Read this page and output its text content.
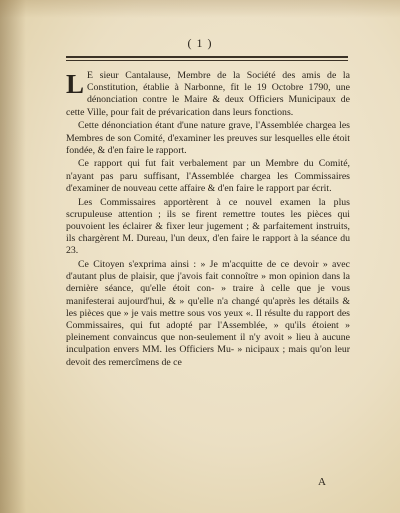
( 1 )

L E sieur Cantalause, Membre de la Société des amis de la Constitution, établie à Narbonne, fit le 19 Octobre 1790, une dénonciation contre le Maire & deux Officiers Municipaux de cette Ville, pour fait de prévarication dans leurs fonctions.

Cette dénonciation étant d'une nature grave, l'Assemblée chargea les Membres de son Comité, d'examiner les preuves sur lesquelles elle étoit fondée, & d'en faire le rapport.

Ce rapport qui fut fait verbalement par un Membre du Comité, n'ayant pas paru suffisant, l'Assemblée chargea les Commissaires d'examiner de nouveau cette affaire & d'en faire le rapport par écrit.

Les Commissaires apportèrent à ce nouvel examen la plus scrupuleuse attention ; ils se firent remettre toutes les pièces qui pouvoient les éclairer & fixer leur jugement ; & parfaitement instruits, ils chargèrent M. Dureau, l'un deux, d'en faire le rapport à la séance du 23.

Ce Citoyen s'exprima ainsi : » Je m'acquitte de ce devoir » avec d'autant plus de plaisir, que j'avois fait connoître » mon opinion dans la dernière séance, qu'elle étoit con- » traire à celle que je vous manifesterai aujourd'hui, & » qu'elle n'a changé qu'après les détails & les pièces que » je vais mettre sous vos yeux «. Il résulte du rapport des Commissaires, qui fut adopté par l'Assemblée, » qu'ils étoient » pleinement convaincus que non-seulement il n'y avoit » lieu à aucune inculpation envers MM. les Officiers Mu- » nicipaux ; mais qu'on leur devoit des remercîmens de ce

A
